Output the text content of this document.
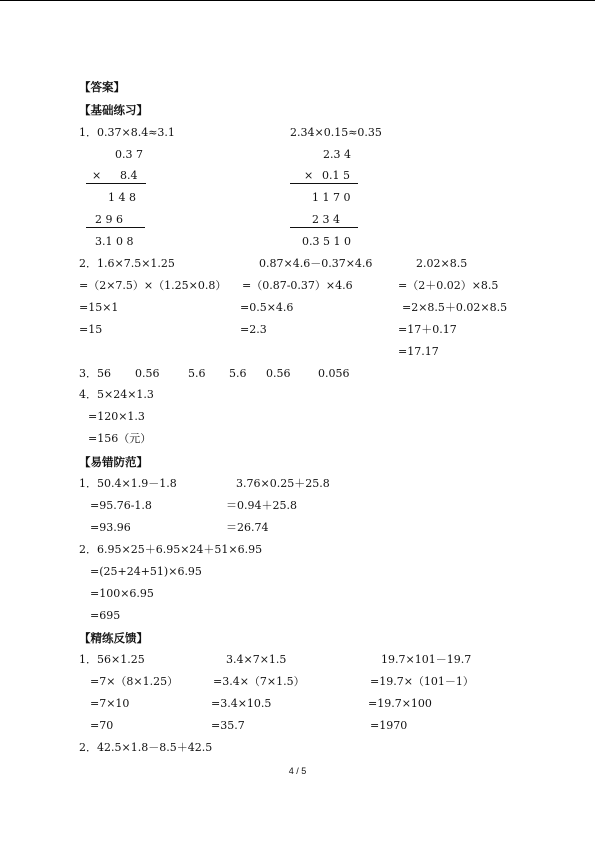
【答案】
【基础练习】
1．0.37×8.4≈3.1
0.3 7
× 8.4
1 4 8
2 9 6
3.1 0 8
2.34×0.15≈0.35
2.3 4
× 0.1 5
1 1 7 0
2 3 4
0.3 5 1 0
2．1.6×7.5×1.25
=（2×7.5）×（1.25×0.8）
=15×1
=15
0.87×4.6－0.37×4.6
=（0.87-0.37）×4.6
=0.5×4.6
=2.3
2.02×8.5
=（2＋0.02）×8.5
=2×8.5＋0.02×8.5
=17＋0.17
=17.17
3．56 0.56	5.6 5.6 0.56	0.056
4．5×24×1.3
=120×1.3
=156（元）
【易错防范】
1．50.4×1.9－1.8
=95.76-1.8
=93.96
3.76×0.25＋25.8
＝0.94＋25.8
＝26.74
2．6.95×25＋6.95×24＋51×6.95
=(25+24+51)×6.95
=100×6.95
=695
【精练反馈】
1．56×1.25
=7×（8×1.25）
=7×10
=70
3.4×7×1.5
=3.4×（7×1.5）
=3.4×10.5
=35.7
19.7×101－19.7
=19.7×（101－1）
=19.7×100
=1970
2．42.5×1.8－8.5＋42.5
4 / 5
